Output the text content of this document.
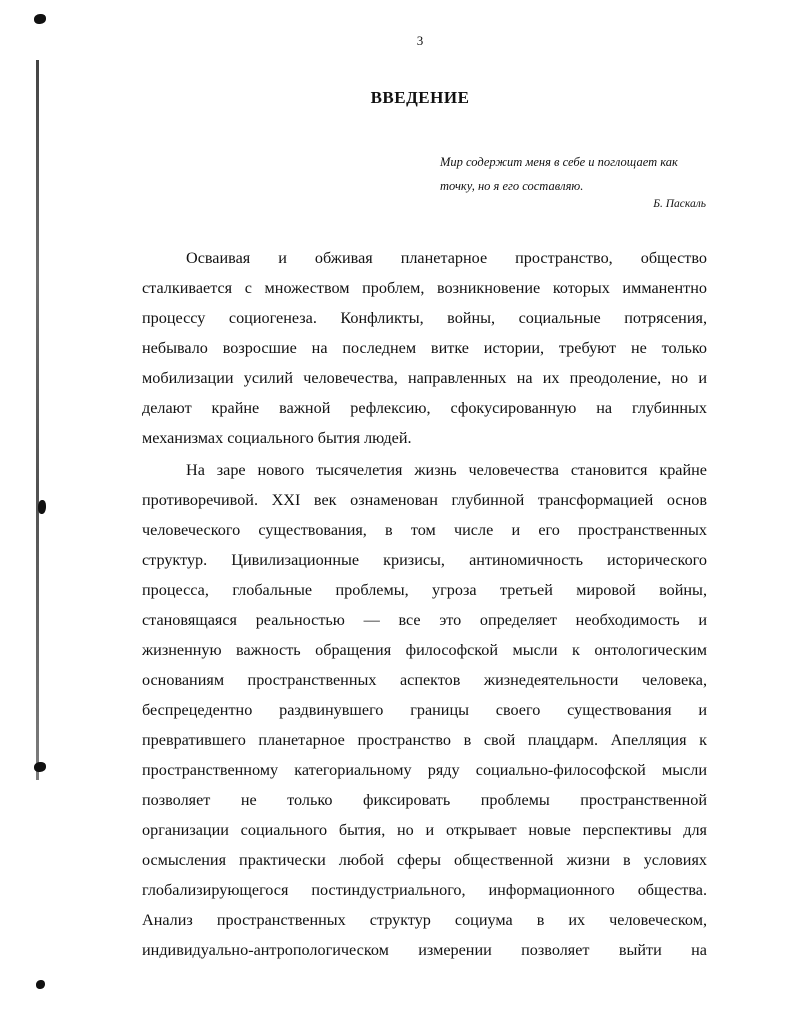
3
ВВЕДЕНИЕ
Мир содержит меня в себе и поглощает как
точку, но я его составляю.
Б. Паскаль
Осваивая и обживая планетарное пространство, общество
сталкивается с множеством проблем, возникновение которых имманентно
процессу социогенеза. Конфликты, войны, социальные потрясения,
небывало возросшие на последнем витке истории, требуют не только
мобилизации усилий человечества, направленных на их преодоление, но и
делают крайне важной рефлексию, сфокусированную на глубинных
механизмах социального бытия людей.
На заре нового тысячелетия жизнь человечества становится крайне
противоречивой. XXI век ознаменован глубинной трансформацией основ
человеческого существования, в том числе и его пространственных
структур. Цивилизационные кризисы, антиномичность исторического
процесса, глобальные проблемы, угроза третьей мировой войны,
становящаяся реальностью — все это определяет необходимость и
жизненную важность обращения философской мысли к онтологическим
основаниям пространственных аспектов жизнедеятельности человека,
беспрецедентно раздвинувшего границы своего существования и
превратившего планетарное пространство в свой плацдарм. Апелляция к
пространственному категориальному ряду социально-философской мысли
позволяет не только фиксировать проблемы пространственной
организации социального бытия, но и открывает новые перспективы для
осмысления практически любой сферы общественной жизни в условиях
глобализирующегося постиндустриального, информационного общества.
Анализ пространственных структур социума в их человеческом,
индивидуально-антропологическом измерении позволяет выйти на
